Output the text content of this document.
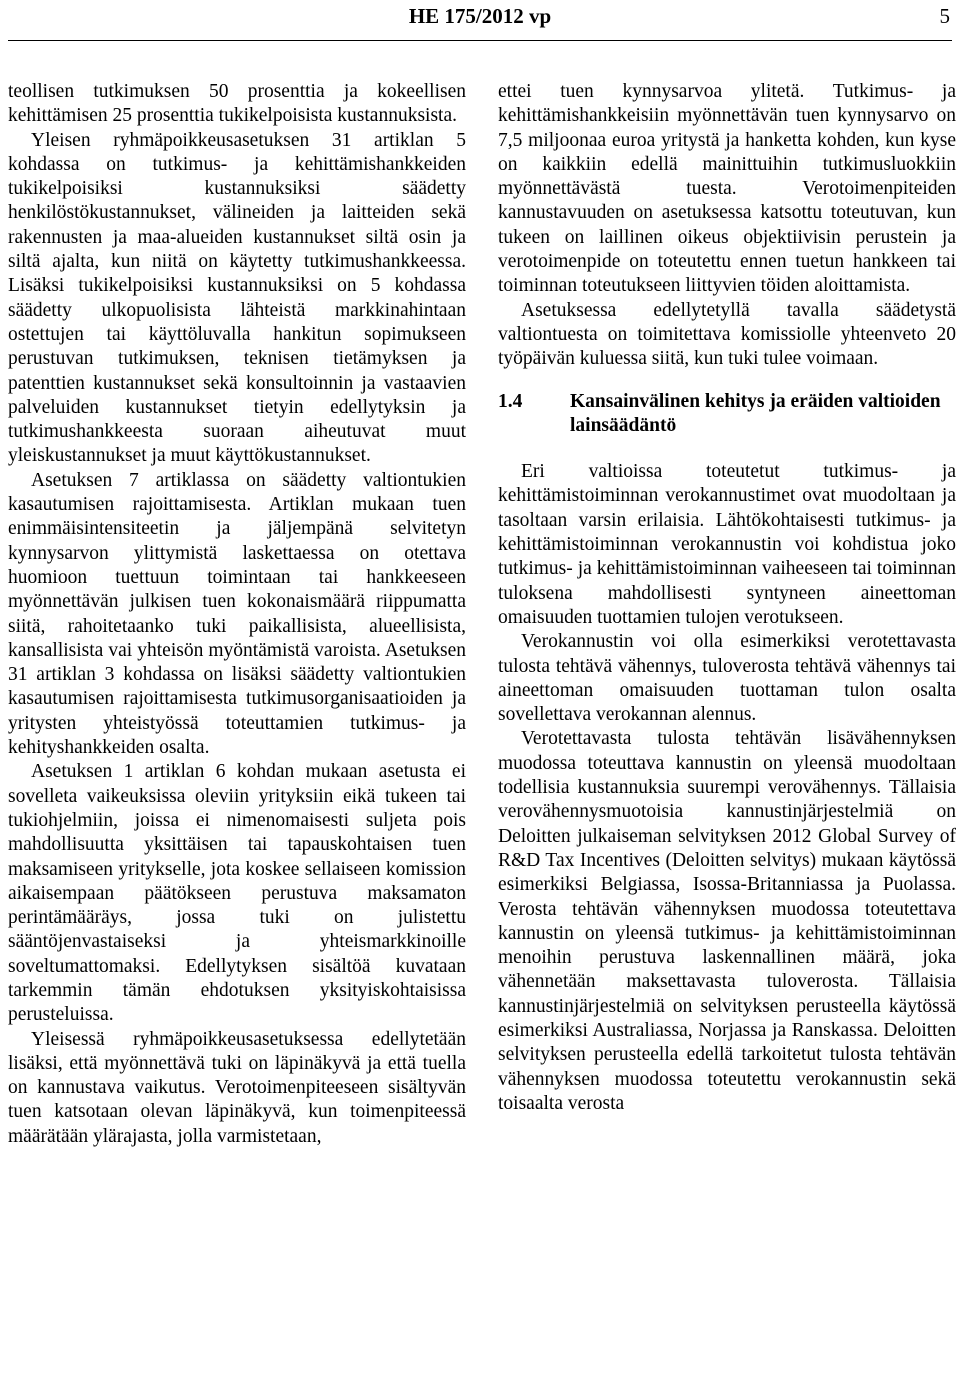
HE 175/2012 vp	5

teollisen tutkimuksen 50 prosenttia ja kokeellisen kehittämisen 25 prosenttia tukikelpoisista kustannuksista.

Yleisen ryhmäpoikkeusasetuksen 31 artiklan 5 kohdassa on tutkimus- ja kehittämishankkeiden tukikelpoisiksi kustannuksiksi säädetty henkilöstökustannukset, välineiden ja laitteiden sekä rakennusten ja maa-alueiden kustannukset siltä osin ja siltä ajalta, kun niitä on käytetty tutkimushankkeessa. Lisäksi tukikelpoisiksi kustannuksiksi on 5 kohdassa säädetty ulkopuolisista lähteistä markkinahintaan ostettujen tai käyttöluvalla hankitun sopimukseen perustuvan tutkimuksen, teknisen tietämyksen ja patenttien kustannukset sekä konsultoinnin ja vastaavien palveluiden kustannukset tietyin edellytyksin ja tutkimushankkeesta suoraan aiheutuvat muut yleiskustannukset ja muut käyttökustannukset.

Asetuksen 7 artiklassa on säädetty valtiontukien kasautumisen rajoittamisesta. Artiklan mukaan tuen enimmäisintensiteetin ja jäljempänä selvitetyn kynnysarvon ylittymistä laskettaessa on otettava huomioon tuettuun toimintaan tai hankkeeseen myönnettävän julkisen tuen kokonaismäärä riippumatta siitä, rahoitetaanko tuki paikallisista, alueellisista, kansallisista vai yhteisön myöntämistä varoista. Asetuksen 31 artiklan 3 kohdassa on lisäksi säädetty valtiontukien kasautumisen rajoittamisesta tutkimusorganisaatioiden ja yritysten yhteistyössä toteuttamien tutkimus- ja kehityshankkeiden osalta.

Asetuksen 1 artiklan 6 kohdan mukaan asetusta ei sovelleta vaikeuksissa oleviin yrityksiin eikä tukeen tai tukiohjelmiin, joissa ei nimenomaisesti suljeta pois mahdollisuutta yksittäisen tai tapauskohtaisen tuen maksamiseen yritykselle, jota koskee sellaiseen komission aikaisempaan päätökseen perustuva maksamaton perintämääräys, jossa tuki on julistettu sääntöjenvastaiseksi ja yhteismarkkinoille soveltumattomaksi. Edellytyksen sisältöä kuvataan tarkemmin tämän ehdotuksen yksityiskohtaisissa perusteluissa.

Yleisessä ryhmäpoikkeusasetuksessa edellytetään lisäksi, että myönnettävä tuki on läpinäkyvä ja että tuella on kannustava vaikutus. Verotoimenpiteeseen sisältyvän tuen katsotaan olevan läpinäkyvä, kun toimenpiteessä määrätään ylärajasta, jolla varmistetaan,

ettei tuen kynnysarvoa ylitetä. Tutkimus- ja kehittämishankkeisiin myönnettävän tuen kynnysarvo on 7,5 miljoonaa euroa yritystä ja hanketta kohden, kun kyse on kaikkiin edellä mainittuihin tutkimusluokkiin myönnettävästä tuesta. Verotoimenpiteiden kannustavuuden on asetuksessa katsottu toteutuvan, kun tukeen on laillinen oikeus objektiivisin perustein ja verotoimenpide on toteutettu ennen tuetun hankkeen tai toiminnan toteutukseen liittyvien töiden aloittamista.

Asetuksessa edellytetyllä tavalla säädetystä valtiontuesta on toimitettava komissiolle yhteenveto 20 työpäivän kuluessa siitä, kun tuki tulee voimaan.

1.4	Kansainvälinen kehitys ja eräiden valtioiden lainsäädäntö

Eri valtioissa toteutetut tutkimus- ja kehittämistoiminnan verokannustimet ovat muodoltaan ja tasoltaan varsin erilaisia. Lähtökohtaisesti tutkimus- ja kehittämistoiminnan verokannustin voi kohdistua joko tutkimus- ja kehittämistoiminnan vaiheeseen tai toiminnan tuloksena mahdollisesti syntyneen aineettoman omaisuuden tuottamien tulojen verotukseen.

Verokannustin voi olla esimerkiksi verotettavasta tulosta tehtävä vähennys, tuloverosta tehtävä vähennys tai aineettoman omaisuuden tuottaman tulon osalta sovellettava verokannan alennus.

Verotettavasta tulosta tehtävän lisävähennyksen muodossa toteuttava kannustin on yleensä muodoltaan todellisia kustannuksia suurempi verovähennys. Tällaisia verovähennysmuotoisia kannustinjärjestelmiä on Deloitten julkaiseman selvityksen 2012 Global Survey of R&D Tax Incentives (Deloitten selvitys) mukaan käytössä esimerkiksi Belgiassa, Isossa-Britanniassa ja Puolassa. Verosta tehtävän vähennyksen muodossa toteutettava kannustin on yleensä tutkimus- ja kehittämistoiminnan menoihin perustuva laskennallinen määrä, joka vähennetään maksettavasta tuloverosta. Tällaisia kannustinjärjestelmiä on selvityksen perusteella käytössä esimerkiksi Australiassa, Norjassa ja Ranskassa. Deloitten selvityksen perusteella edellä tarkoitetut tulosta tehtävän vähennyksen muodossa toteutettu verokannustin sekä toisaalta verosta
